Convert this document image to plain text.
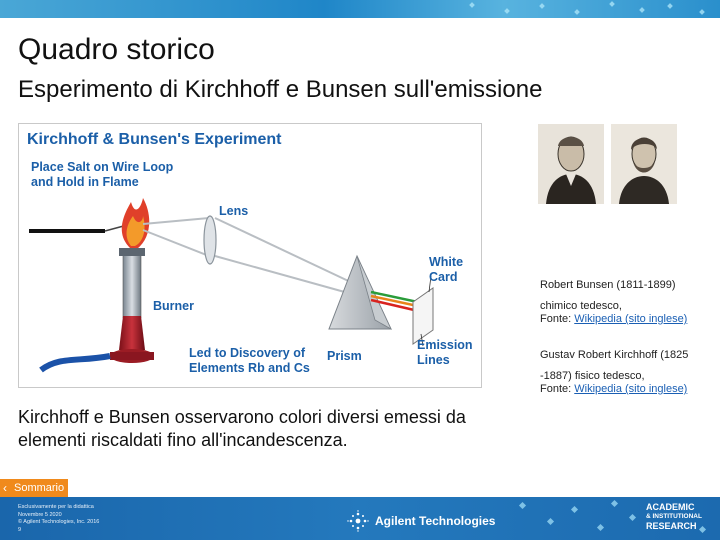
Quadro storico
Esperimento di Kirchhoff e Bunsen sull'emissione
Kirchhoff & Bunsen's Experiment
Place Salt on Wire Loop
and Hold in Flame
Lens
Burner
White
Card
Led to Discovery of
Elements Rb and Cs
Prism
Emission
Lines
Robert Bunsen (1811-1899)
chimico tedesco,
Fonte: Wikipedia (sito inglese)
Gustav Robert Kirchhoff (1825
-1887) fisico tedesco,
Fonte: Wikipedia (sito inglese)

Kirchhoff e Bunsen osservarono colori diversi emessi da elementi riscaldati fino all'incandescenza.

‹ Sommario
Esclusivamente per la didattica
Novembre 5 2020
© Agilent Technologies, Inc. 2016
9
Agilent Technologies
ACADEMIC
& INSTITUTIONAL
RESEARCH
